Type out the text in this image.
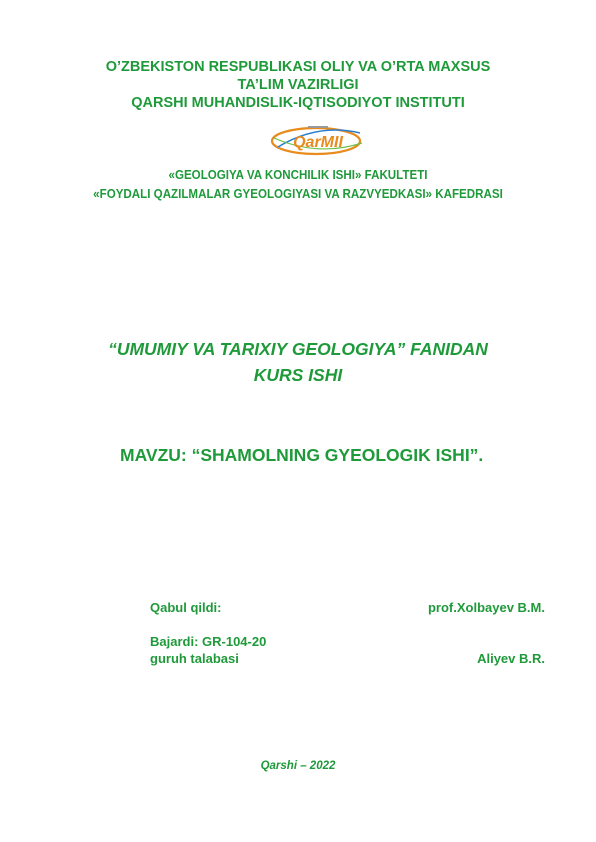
O’ZBEKISTON RESPUBLIKASI OLIY VA O’RTA MAXSUS
TA’LIM VAZIRLIGI
QARSHI MUHANDISLIK-IQTISODIYOT INSTITUTI
QarMII
«GEOLOGIYA VA KONCHILIK ISHI» FAKULTETI
«FOYDALI QAZILMALAR GYEOLOGIYASI VA RAZVYEDKASI» KAFEDRASI
“UMUMIY VA TARIXIY GEOLOGIYA” FANIDAN
KURS ISHI
MAVZU: “SHAMOLNING GYEOLOGIK ISHI”.
Qabul qildi:	prof.Xolbayev B.M.
Bajardi: GR-104-20
guruh talabasi	Aliyev B.R.
Qarshi – 2022
